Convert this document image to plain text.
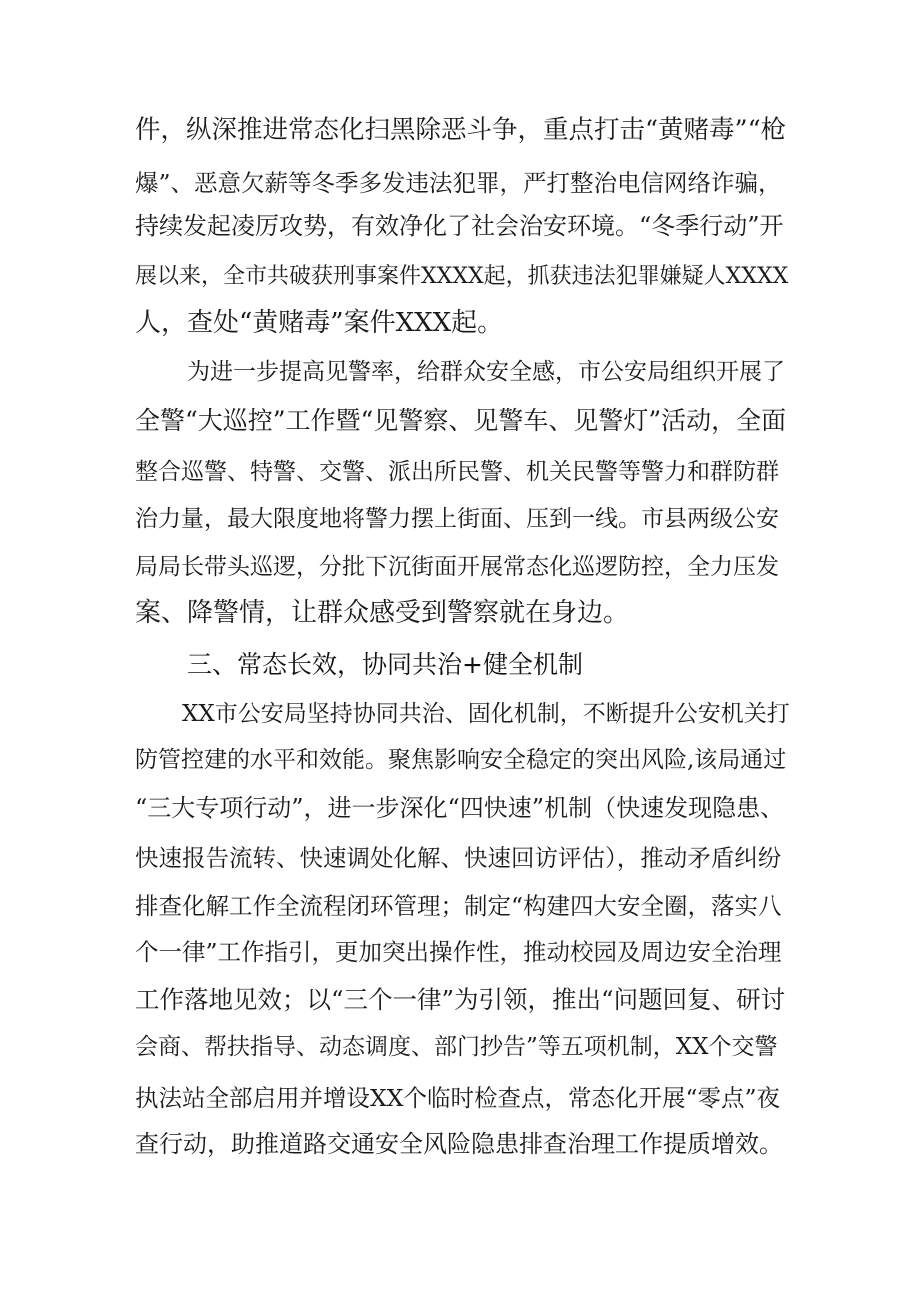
件，纵深推进常态化扫黑除恶斗争，重点打击“黄赌毒”“枪
爆”、恶意欠薪等冬季多发违法犯罪，严打整治电信网络诈骗，
持续发起凌厉攻势，有效净化了社会治安环境。“冬季行动”开
展以来，全市共破获刑事案件XXXX起，抓获违法犯罪嫌疑人XXXX
人，查处“黄赌毒”案件XXX起。
为进一步提高见警率，给群众安全感，市公安局组织开展了
全警“大巡控”工作暨“见警察、见警车、见警灯”活动，全面
整合巡警、特警、交警、派出所民警、机关民警等警力和群防群
治力量，最大限度地将警力摆上街面、压到一线。市县两级公安
局局长带头巡逻，分批下沉街面开展常态化巡逻防控，全力压发
案、降警情，让群众感受到警察就在身边。
三、常态长效，协同共治+健全机制
XX市公安局坚持协同共治、固化机制，不断提升公安机关打
防管控建的水平和效能。聚焦影响安全稳定的突出风险,该局通过
“三大专项行动”，进一步深化“四快速”机制（快速发现隐患、
快速报告流转、快速调处化解、快速回访评估），推动矛盾纠纷
排查化解工作全流程闭环管理；制定“构建四大安全圈，落实八
个一律”工作指引，更加突出操作性，推动校园及周边安全治理
工作落地见效；以“三个一律”为引领，推出“问题回复、研讨
会商、帮扶指导、动态调度、部门抄告”等五项机制，XX个交警
执法站全部启用并增设XX个临时检查点，常态化开展“零点”夜
查行动，助推道路交通安全风险隐患排查治理工作提质增效。
